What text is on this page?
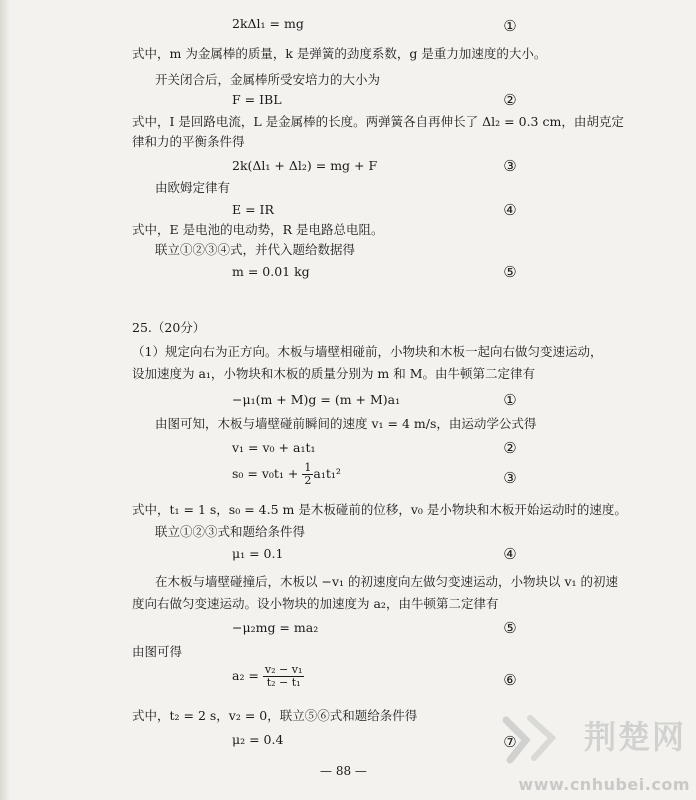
2kΔl₁ = mg	①
式中，m 为金属棒的质量，k 是弹簧的劲度系数，g 是重力加速度的大小。
开关闭合后，金属棒所受安培力的大小为
F = IBL	②
式中，I 是回路电流，L 是金属棒的长度。两弹簧各自再伸长了 Δl₂ = 0.3 cm，由胡克定
律和力的平衡条件得
2k(Δl₁ + Δl₂) = mg + F	③
由欧姆定律有
E = IR	④
式中，E 是电池的电动势，R 是电路总电阻。
联立①②③④式，并代入题给数据得
m = 0.01 kg	⑤
25.（20分）
（1）规定向右为正方向。木板与墙壁相碰前，小物块和木板一起向右做匀变速运动，
设加速度为 a₁，小物块和木板的质量分别为 m 和 M。由牛顿第二定律有
−μ₁(m + M)g = (m + M)a₁	①
由图可知，木板与墙壁碰前瞬间的速度 v₁ = 4 m/s，由运动学公式得
v₁ = v₀ + a₁t₁	②
$s_0 = v_0t_1 + \frac{1}{2} a_1t_1^2$	③
式中，t₁ = 1 s，s₀ = 4.5 m 是木板碰前的位移，v₀ 是小物块和木板开始运动时的速度。
联立①②③式和题给条件得
μ₁ = 0.1	④
在木板与墙壁碰撞后，木板以 −v₁ 的初速度向左做匀变速运动，小物块以 v₁ 的初速
度向右做匀变速运动。设小物块的加速度为 a₂，由牛顿第二定律有
−μ₂mg = ma₂	⑤
由图可得
$a_2 = \frac{\text{v₂ − v₁}}{\text{t₂ − t₁}}$	⑥
式中，t₂ = 2 s，v₂ = 0，联立⑤⑥式和题给条件得
μ₂ = 0.4	⑦
— 88 —
荆楚网
www.cnhubei.com
